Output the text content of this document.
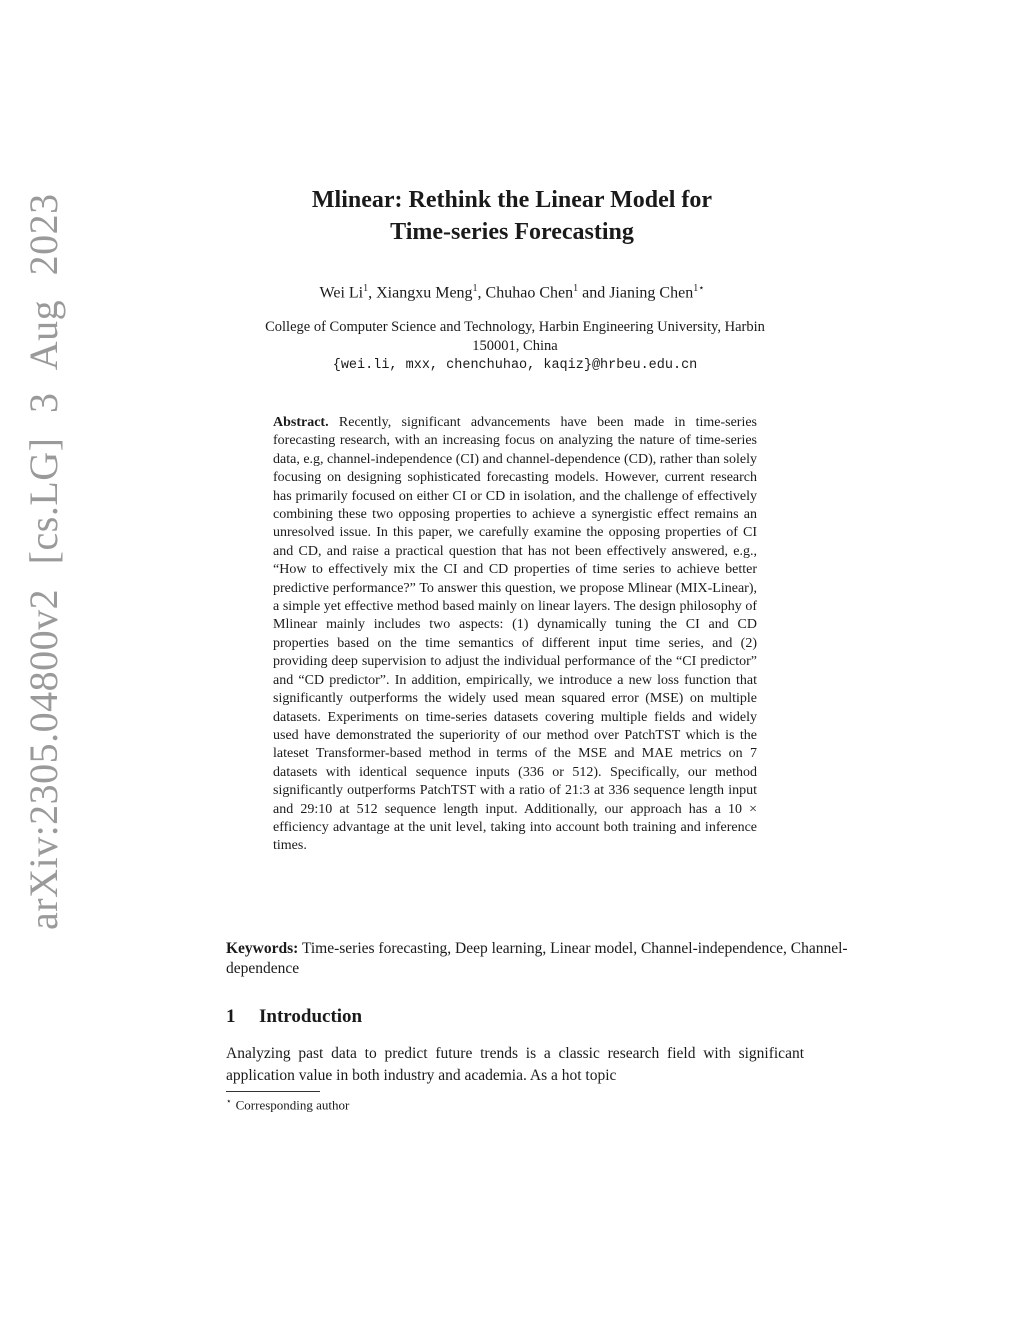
arXiv:2305.04800v2 [cs.LG] 3 Aug 2023	Mlinear: Rethink the Linear Model for
Time-series Forecasting
Wei Li$^1$, Xiangxu Meng$^1$, Chuhao Chen$^1$ and Jianing Chen$^{1⋆}$
College of Computer Science and Technology, Harbin Engineering University, Harbin
150001, China
{wei.li, mxx, chenchuhao, kaqiz}@hrbeu.edu.cn
Abstract. Recently, significant advancements have been made in time-series forecasting research, with an increasing focus on analyzing the nature of time-series data, e.g, channel-independence (CI) and channel-dependence (CD), rather than solely focusing on designing sophisticated forecasting models. However, current research has primarily focused on either CI or CD in isolation, and the challenge of effectively combining these two opposing properties to achieve a synergistic effect remains an unresolved issue. In this paper, we carefully examine the opposing properties of CI and CD, and raise a practical question that has not been effectively answered, e.g., “How to effectively mix the CI and CD properties of time series to achieve better predictive performance?” To answer this question, we propose Mlinear (MIX-Linear), a simple yet effective method based mainly on linear layers. The design philosophy of Mlinear mainly includes two aspects: (1) dynamically tuning the CI and CD properties based on the time semantics of different input time series, and (2) providing deep supervision to adjust the individual performance of the “CI predictor” and “CD predictor”. In addition, empirically, we introduce a new loss function that significantly outperforms the widely used mean squared error (MSE) on multiple datasets. Experiments on time-series datasets covering multiple fields and widely used have demonstrated the superiority of our method over PatchTST which is the lateset Transformer-based method in terms of the MSE and MAE metrics on 7 datasets with identical sequence inputs (336 or 512). Specifically, our method significantly outperforms PatchTST with a ratio of 21:3 at 336 sequence length input and 29:10 at 512 sequence length input. Additionally, our approach has a 10 × efficiency advantage at the unit level, taking into account both training and inference times.
Keywords: Time-series forecasting, Deep learning, Linear model, Channel-independence, Channel-dependence
1 Introduction
Analyzing past data to predict future trends is a classic research field with significant application value in both industry and academia. As a hot topic
⋆ Corresponding author
